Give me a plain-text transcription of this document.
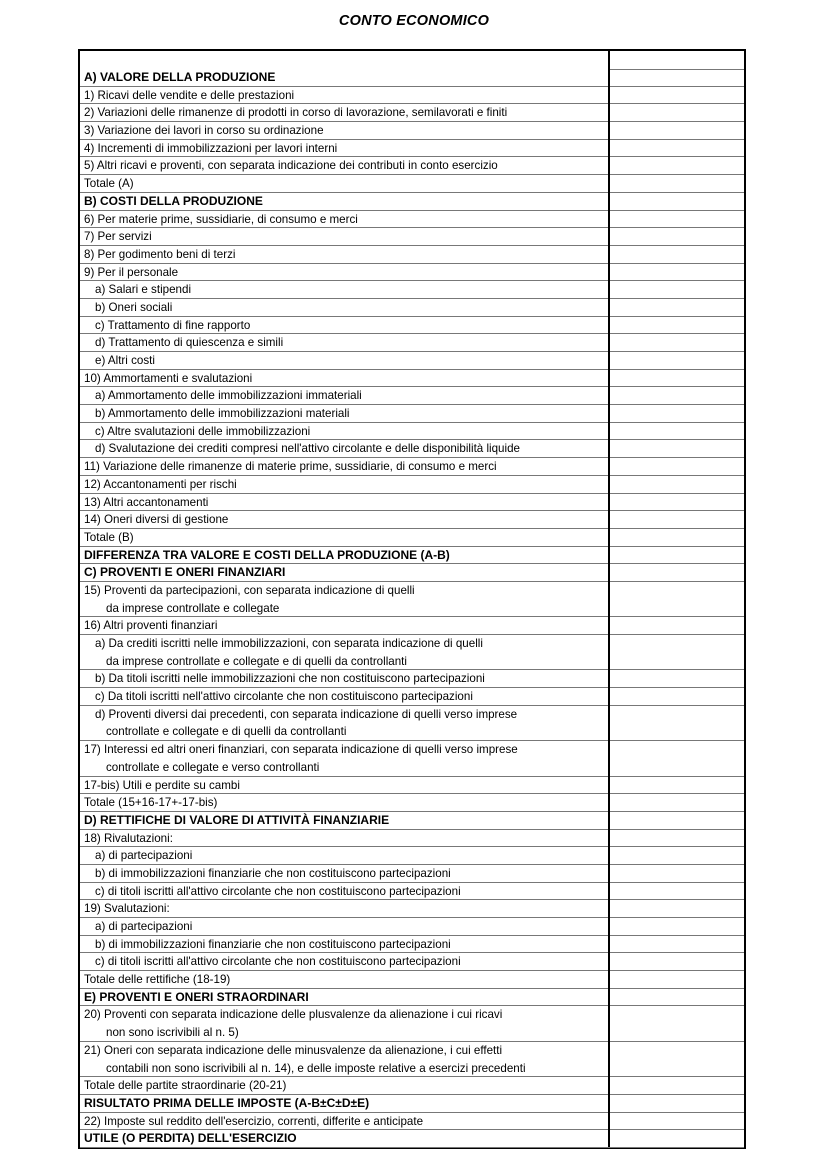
CONTO ECONOMICO
A) VALORE DELLA PRODUZIONE
1) Ricavi delle vendite e delle prestazioni
2) Variazioni delle rimanenze di prodotti in corso di lavorazione, semilavorati e finiti
3) Variazione dei lavori in corso su ordinazione
4) Incrementi di immobilizzazioni per lavori interni
5) Altri ricavi e proventi, con separata indicazione dei contributi in conto esercizio
Totale (A)
B) COSTI DELLA PRODUZIONE
6) Per materie prime, sussidiarie, di consumo e merci
7) Per servizi
8) Per godimento beni di terzi
9) Per il personale
a) Salari e stipendi
b) Oneri sociali
c) Trattamento di fine rapporto
d) Trattamento di quiescenza e simili
e) Altri costi
10) Ammortamenti e svalutazioni
a) Ammortamento delle immobilizzazioni immateriali
b) Ammortamento delle immobilizzazioni materiali
c) Altre svalutazioni delle immobilizzazioni
d) Svalutazione dei crediti compresi nell'attivo circolante e delle disponibilità liquide
11) Variazione delle rimanenze di materie prime, sussidiarie, di consumo e merci
12) Accantonamenti per rischi
13) Altri accantonamenti
14) Oneri diversi di gestione
Totale (B)
DIFFERENZA TRA VALORE E COSTI DELLA PRODUZIONE (A-B)
C) PROVENTI E ONERI FINANZIARI
15) Proventi da partecipazioni, con separata indicazione di quelli
da imprese controllate e collegate
16) Altri proventi finanziari
a) Da crediti iscritti nelle immobilizzazioni, con separata indicazione di quelli
da imprese controllate e collegate e di quelli da controllanti
b) Da titoli iscritti nelle immobilizzazioni che non costituiscono partecipazioni
c) Da titoli iscritti nell'attivo circolante che non costituiscono partecipazioni
d) Proventi diversi dai precedenti, con separata indicazione di quelli verso imprese
controllate e collegate e di quelli da controllanti
17) Interessi ed altri oneri finanziari, con separata indicazione di quelli verso imprese
controllate e collegate e verso controllanti
17-bis) Utili e perdite su cambi
Totale (15+16-17+-17-bis)
D) RETTIFICHE DI VALORE DI ATTIVITÀ FINANZIARIE
18) Rivalutazioni:
a) di partecipazioni
b) di immobilizzazioni finanziarie che non costituiscono partecipazioni
c) di titoli iscritti all'attivo circolante che non costituiscono partecipazioni
19) Svalutazioni:
a) di partecipazioni
b) di immobilizzazioni finanziarie che non costituiscono partecipazioni
c) di titoli iscritti all'attivo circolante che non costituiscono partecipazioni
Totale delle rettifiche (18-19)
E) PROVENTI E ONERI STRAORDINARI
20) Proventi con separata indicazione delle plusvalenze da alienazione i cui ricavi
non sono iscrivibili al n. 5)
21) Oneri con separata indicazione delle minusvalenze da alienazione, i cui effetti
contabili non sono iscrivibili al n. 14), e delle imposte relative a esercizi precedenti
Totale delle partite straordinarie (20-21)
RISULTATO PRIMA DELLE IMPOSTE (A-B±C±D±E)
22) Imposte sul reddito dell'esercizio, correnti, differite e anticipate
UTILE (O PERDITA) DELL'ESERCIZIO
